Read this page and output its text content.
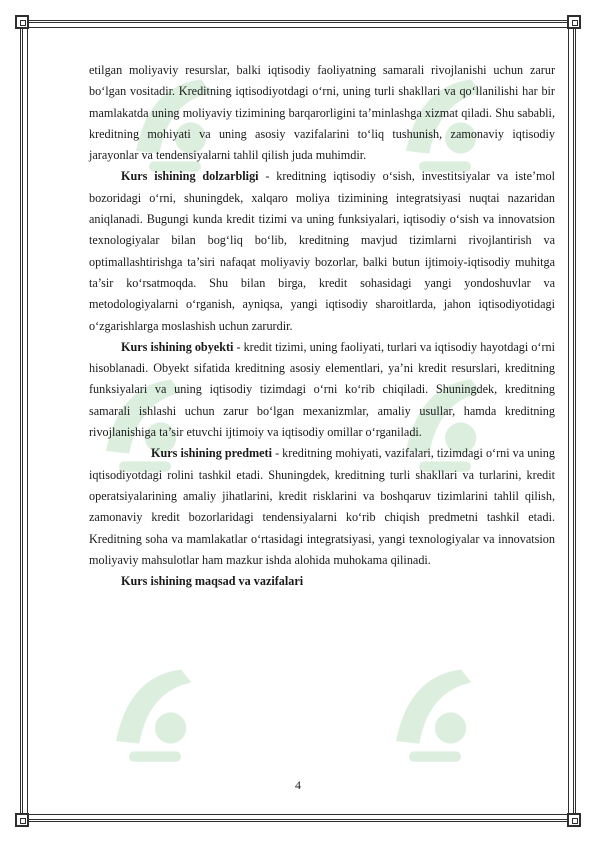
etilgan moliyaviy resurslar, balki iqtisodiy faoliyatning samarali rivojlanishi uchun zarur bo‘lgan vositadir. Kreditning iqtisodiyotdagi o‘rni, uning turli shakllari va qo‘llanilishi har bir mamlakatda uning moliyaviy tizimining barqarorligini ta’minlashga xizmat qiladi. Shu sababli, kreditning mohiyati va uning asosiy vazifalarini to‘liq tushunish, zamonaviy iqtisodiy jarayonlar va tendensiyalarni tahlil qilish juda muhimdir.

Kurs ishining dolzarbligi - kreditning iqtisodiy o‘sish, investitsiyalar va iste’mol bozoridagi o‘rni, shuningdek, xalqaro moliya tizimining integratsiyasi nuqtai nazaridan aniqlanadi. Bugungi kunda kredit tizimi va uning funksiyalari, iqtisodiy o‘sish va innovatsion texnologiyalar bilan bog‘liq bo‘lib, kreditning mavjud tizimlarni rivojlantirish va optimallashtirishga ta’siri nafaqat moliyaviy bozorlar, balki butun ijtimoiy-iqtisodiy muhitga ta’sir ko‘rsatmoqda. Shu bilan birga, kredit sohasidagi yangi yondoshuvlar va metodologiyalarni o‘rganish, ayniqsa, yangi iqtisodiy sharoitlarda, jahon iqtisodiyotidagi o‘zgarishlarga moslashish uchun zarurdir.

Kurs ishining obyekti - kredit tizimi, uning faoliyati, turlari va iqtisodiy hayotdagi o‘rni hisoblanadi. Obyekt sifatida kreditning asosiy elementlari, ya’ni kredit resurslari, kreditning funksiyalari va uning iqtisodiy tizimdagi o‘rni ko‘rib chiqiladi. Shuningdek, kreditning samarali ishlashi uchun zarur bo‘lgan mexanizmlar, amaliy usullar, hamda kreditning rivojlanishiga ta’sir etuvchi ijtimoiy va iqtisodiy omillar o‘rganiladi.

Kurs ishining predmeti - kreditning mohiyati, vazifalari, tizimdagi o‘rni va uning iqtisodiyotdagi rolini tashkil etadi. Shuningdek, kreditning turli shakllari va turlarini, kredit operatsiyalarining amaliy jihatlarini, kredit risklarini va boshqaruv tizimlarini tahlil qilish, zamonaviy kredit bozorlaridagi tendensiyalarni ko‘rib chiqish predmetni tashkil etadi. Kreditning soha va mamlakatlar o‘rtasidagi integratsiyasi, yangi texnologiyalar va innovatsion moliyaviy mahsulotlar ham mazkur ishda alohida muhokama qilinadi.

Kurs ishining maqsad va vazifalari

4
